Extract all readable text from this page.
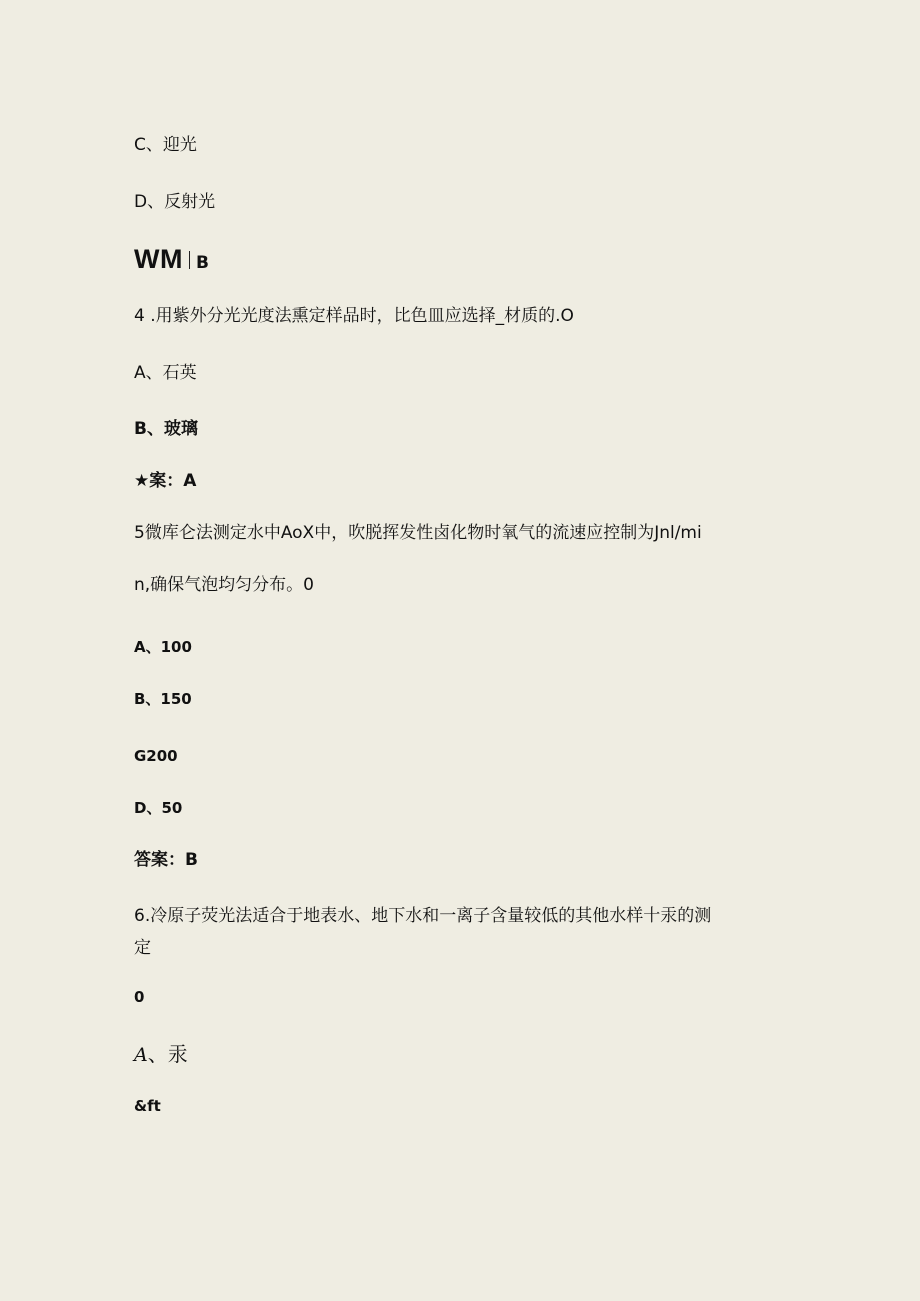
C、迎光
D、反射光
WM B
4 .用紫外分光光度法熏定样品时，比色皿应选择_材质的.O
A、石英
B、玻璃
★案：A
5微库仑法测定水中AoX中，吹脱挥发性卤化物时氧气的流速应控制为Jnl/mi
n,确保气泡均匀分布。0
A、100
B、150
G200
D、50
答案：B
6.冷原子荧光法适合于地表水、地下水和一离子含量较低的其他水样十汞的测
定
0
A、汞
&ft
